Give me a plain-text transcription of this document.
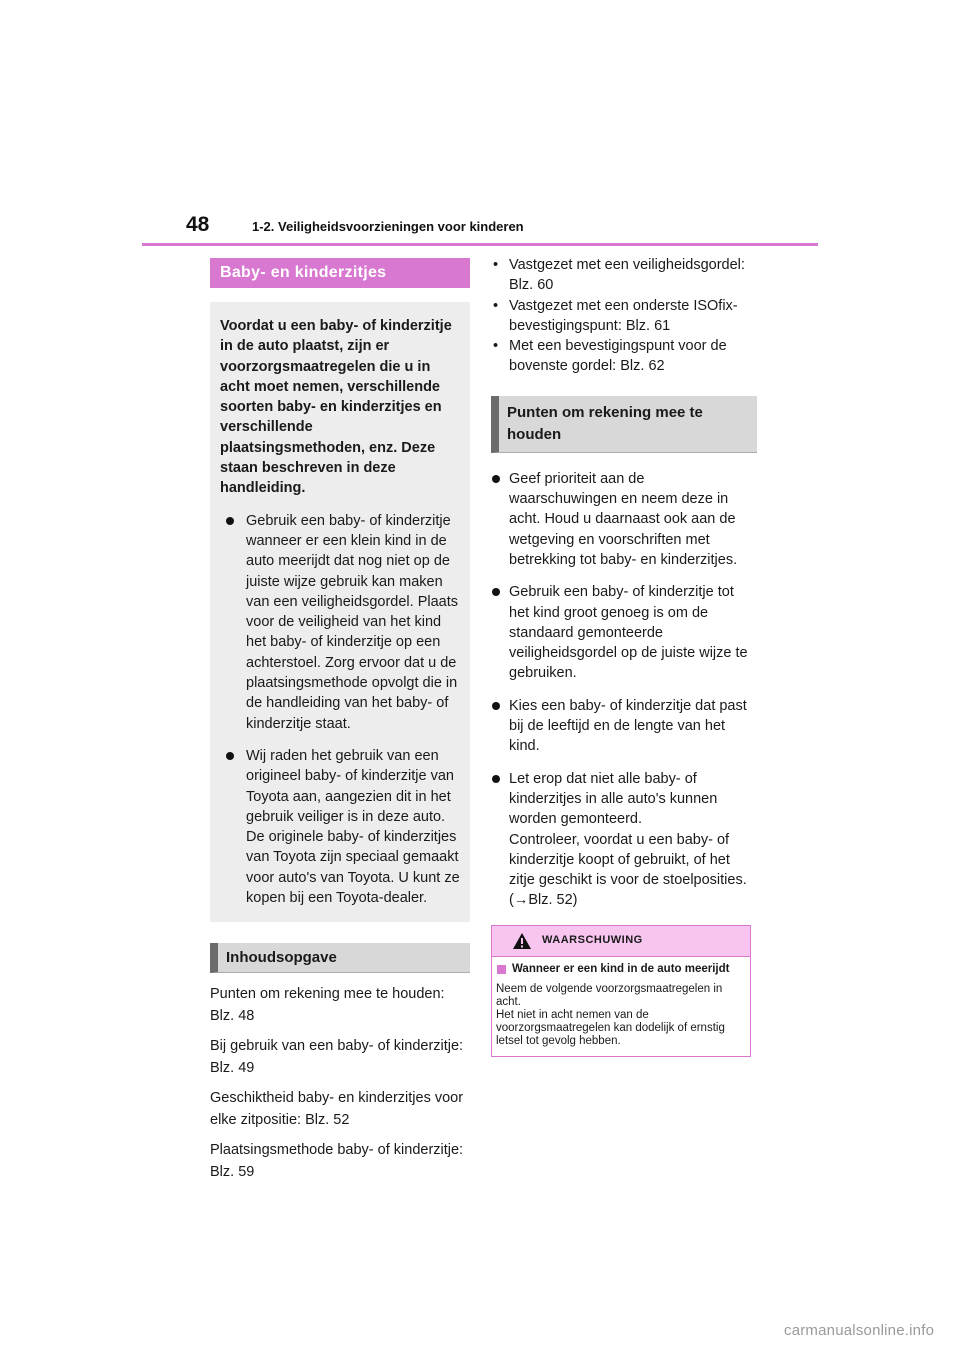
48	1-2. Veiligheidsvoorzieningen voor kinderen
Baby- en kinderzitjes

Voordat u een baby- of kinderzitje in de auto plaatst, zijn er voorzorgsmaatregelen die u in acht moet nemen, verschillende soorten baby- en kinderzitjes en verschillende plaatsingsmethoden, enz. Deze staan beschreven in deze handleiding.

Gebruik een baby- of kinderzitje wanneer er een klein kind in de auto meerijdt dat nog niet op de juiste wijze gebruik kan maken van een veiligheidsgordel. Plaats voor de veiligheid van het kind het baby- of kinderzitje op een achterstoel. Zorg ervoor dat u de plaatsingsmethode opvolgt die in de handleiding van het baby- of kinderzitje staat.
Wij raden het gebruik van een origineel baby- of kinderzitje van Toyota aan, aangezien dit in het gebruik veiliger is in deze auto. De originele baby- of kinderzitjes van Toyota zijn speciaal gemaakt voor auto's van Toyota. U kunt ze kopen bij een Toyota-dealer.
Inhoudsopgave
Punten om rekening mee te houden: Blz. 48
Bij gebruik van een baby- of kinderzitje: Blz. 49
Geschiktheid baby- en kinderzitjes voor elke zitpositie: Blz. 52
Plaatsingsmethode baby- of kinderzitje: Blz. 59
• Vastgezet met een veiligheidsgordel: Blz. 60
• Vastgezet met een onderste ISOfix-bevestigingspunt: Blz. 61
• Met een bevestigingspunt voor de bovenste gordel: Blz. 62
Punten om rekening mee te houden
Geef prioriteit aan de waarschuwingen en neem deze in acht. Houd u daarnaast ook aan de wetgeving en voorschriften met betrekking tot baby- en kinderzitjes.
Gebruik een baby- of kinderzitje tot het kind groot genoeg is om de standaard gemonteerde veiligheidsgordel op de juiste wijze te gebruiken.
Kies een baby- of kinderzitje dat past bij de leeftijd en de lengte van het kind.
Let erop dat niet alle baby- of kinderzitjes in alle auto's kunnen worden gemonteerd.
Controleer, voordat u een baby- of kinderzitje koopt of gebruikt, of het zitje geschikt is voor de stoelposities. (→Blz. 52)
WAARSCHUWING
Wanneer er een kind in de auto meerijdt
Neem de volgende voorzorgsmaatregelen in acht.
Het niet in acht nemen van de voorzorgsmaatregelen kan dodelijk of ernstig letsel tot gevolg hebben.
carmanualsonline.info
